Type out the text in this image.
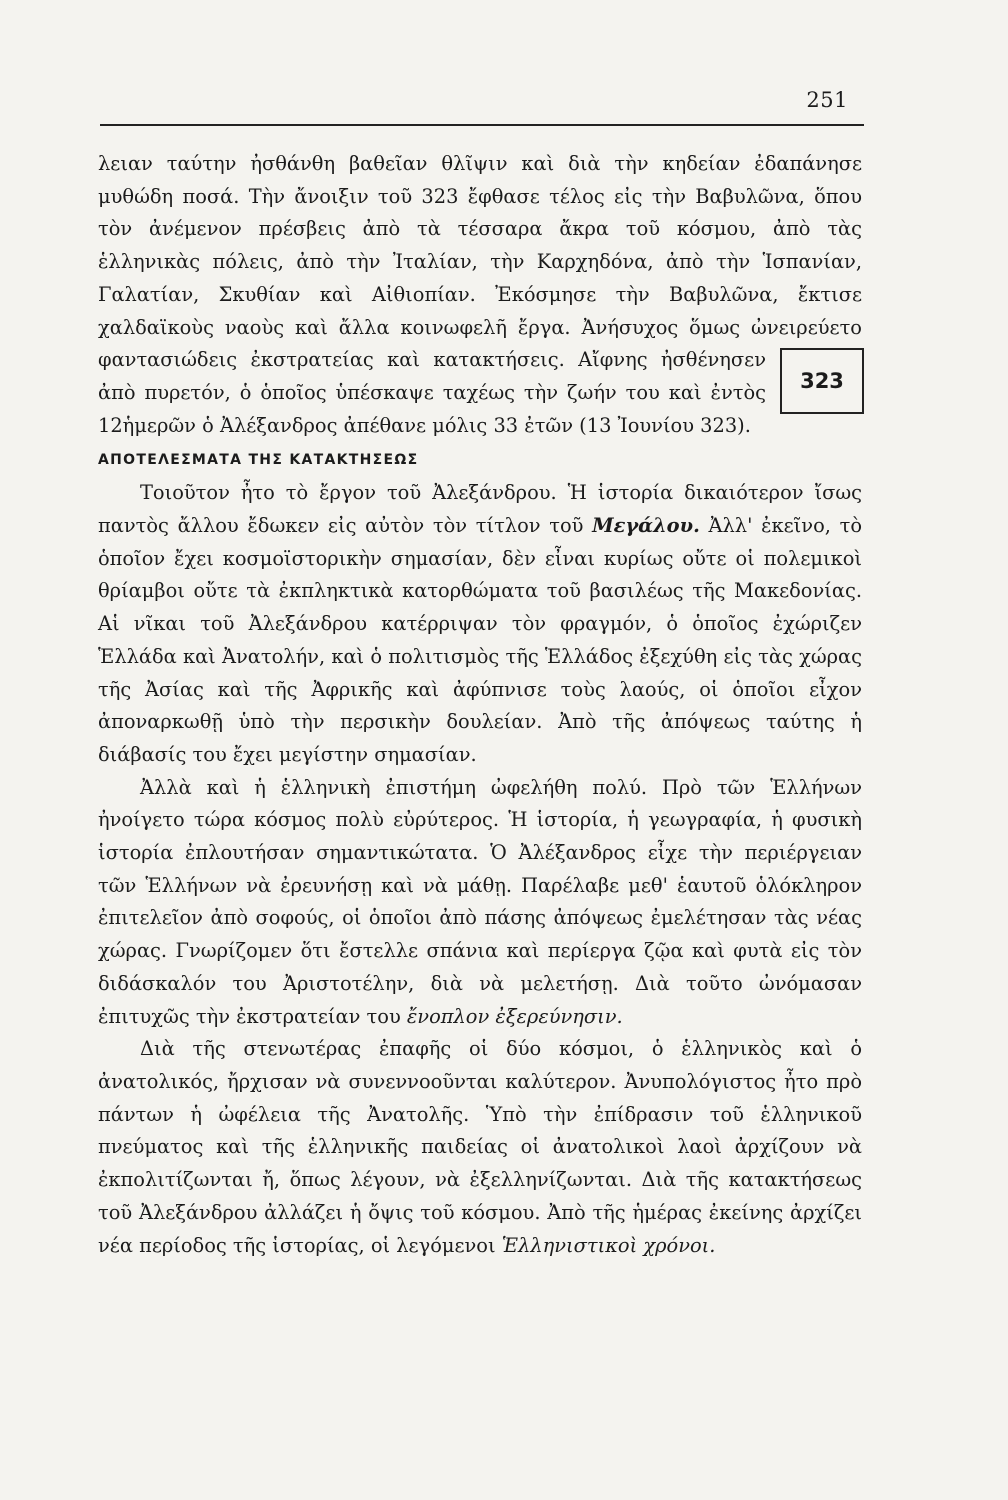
251

λειαν ταύτην ἠσθάνθη βαθεῖαν θλῖψιν καὶ διὰ τὴν κηδείαν ἐδαπάνησε μυθώδη ποσά. Τὴν ἄνοιξιν τοῦ 323 ἔφθασε τέλος εἰς τὴν Βαβυλῶνα, ὅπου τὸν ἀνέμενον πρέσβεις ἀπὸ τὰ τέσσαρα ἄκρα τοῦ κόσμου, ἀπὸ τὰς ἑλληνικὰς πόλεις, ἀπὸ τὴν Ἰταλίαν, τὴν Καρχηδόνα, ἀπὸ τὴν Ἱσπανίαν, Γαλατίαν, Σκυθίαν καὶ Αἰθιοπίαν. Ἐκόσμησε τὴν Βαβυλῶνα, ἔκτισε χαλδαϊκοὺς ναοὺς καὶ ἄλλα κοινωφελῆ ἔργα. Ἀνήσυχος ὅμως ὠνειρεύετο φαντασιώδεις ἐκστρατείας καὶ κατακτήσεις.
323
Αἴφνης ἠσθένησεν ἀπὸ πυρετόν, ὁ ὁποῖος ὑπέσκαψε ταχέως τὴν ζωήν του καὶ ἐντὸς 12ἡμερῶν ὁ Ἀλέξανδρος ἀπέθανε μόλις 33 ἐτῶν (13 Ἰουνίου 323).

ΑΠΟΤΕΛΕΣΜΑΤΑ ΤΗΣ ΚΑΤΑΚΤΗΣΕΩΣ

Τοιοῦτον ἦτο τὸ ἔργον τοῦ Ἀλεξάνδρου. Ἡ ἱστορία δικαιότερον ἴσως παντὸς ἄλλου ἔδωκεν εἰς αὐτὸν τὸν τίτλον τοῦ Μεγάλου. Ἀλλ' ἐκεῖνο, τὸ ὁποῖον ἔχει κοσμοϊστορικὴν σημασίαν, δὲν εἶναι κυρίως οὔτε οἱ πολεμικοὶ θρίαμβοι οὔτε τὰ ἐκπληκτικὰ κατορθώματα τοῦ βασιλέως τῆς Μακεδονίας. Αἱ νῖκαι τοῦ Ἀλεξάνδρου κατέρριψαν τὸν φραγμόν, ὁ ὁποῖος ἐχώριζεν Ἑλλάδα καὶ Ἀνατολήν, καὶ ὁ πολιτισμὸς τῆς Ἑλλάδος ἐξεχύθη εἰς τὰς χώρας τῆς Ἀσίας καὶ τῆς Ἀφρικῆς καὶ ἀφύπνισε τοὺς λαούς, οἱ ὁποῖοι εἶχον ἀποναρκωθῇ ὑπὸ τὴν περσικὴν δουλείαν. Ἀπὸ τῆς ἀπόψεως ταύτης ἡ διάβασίς του ἔχει μεγίστην σημασίαν.

Ἀλλὰ καὶ ἡ ἑλληνικὴ ἐπιστήμη ὠφελήθη πολύ. Πρὸ τῶν Ἑλλήνων ἠνοίγετο τώρα κόσμος πολὺ εὐρύτερος. Ἡ ἱστορία, ἡ γεωγραφία, ἡ φυσικὴ ἱστορία ἐπλουτήσαν σημαντικώτατα. Ὁ Ἀλέξανδρος εἶχε τὴν περιέργειαν τῶν Ἑλλήνων νὰ ἐρευνήσῃ καὶ νὰ μάθῃ. Παρέλαβε μεθ' ἑαυτοῦ ὁλόκληρον ἐπιτελεῖον ἀπὸ σοφούς, οἱ ὁποῖοι ἀπὸ πάσης ἀπόψεως ἐμελέτησαν τὰς νέας χώρας. Γνωρίζομεν ὅτι ἔστελλε σπάνια καὶ περίεργα ζῷα καὶ φυτὰ εἰς τὸν διδάσκαλόν του Ἀριστοτέλην, διὰ νὰ μελετήσῃ. Διὰ τοῦτο ὠνόμασαν ἐπιτυχῶς τὴν ἐκστρατείαν του ἔνοπλον ἐξερεύνησιν.

Διὰ τῆς στενωτέρας ἐπαφῆς οἱ δύο κόσμοι, ὁ ἑλληνικὸς καὶ ὁ ἀνατολικός, ἤρχισαν νὰ συνεννοοῦνται καλύτερον. Ἀνυπολόγιστος ἦτο πρὸ πάντων ἡ ὠφέλεια τῆς Ἀνατολῆς. Ὑπὸ τὴν ἐπίδρασιν τοῦ ἑλληνικοῦ πνεύματος καὶ τῆς ἑλληνικῆς παιδείας οἱ ἀνατολικοὶ λαοὶ ἀρχίζουν νὰ ἐκπολιτίζωνται ἤ, ὅπως λέγουν, νὰ ἐξελληνίζωνται. Διὰ τῆς κατακτήσεως τοῦ Ἀλεξάνδρου ἀλλάζει ἡ ὄψις τοῦ κόσμου. Ἀπὸ τῆς ἡμέρας ἐκείνης ἀρχίζει νέα περίοδος τῆς ἱστορίας, οἱ λεγόμενοι Ἑλληνιστικοὶ χρόνοι.
